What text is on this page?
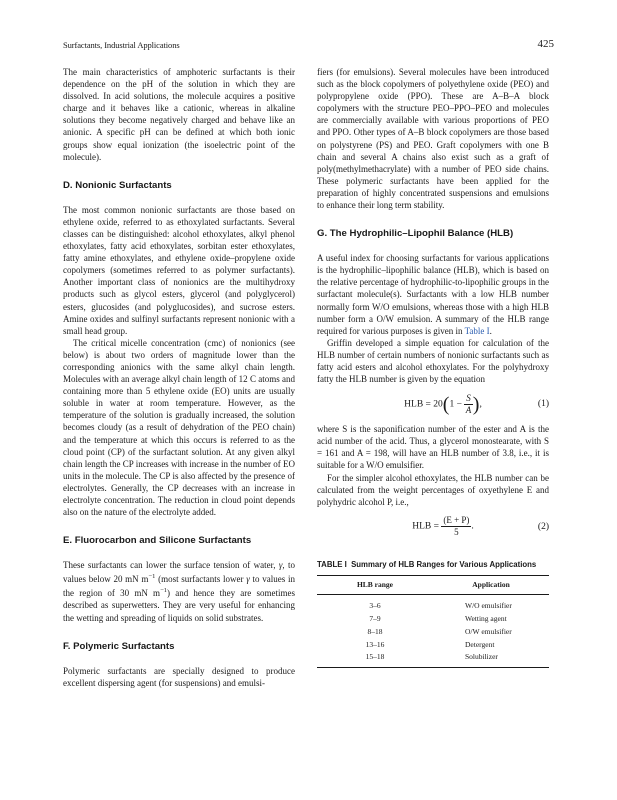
Surfactants, Industrial Applications	425

The main characteristics of amphoteric surfactants is their dependence on the pH of the solution in which they are dissolved. In acid solutions, the molecule acquires a positive charge and it behaves like a cationic, whereas in alkaline solutions they become negatively charged and behave like an anionic. A specific pH can be defined at which both ionic groups show equal ionization (the isoelectric point of the molecule).

D. Nonionic Surfactants

The most common nonionic surfactants are those based on ethylene oxide, referred to as ethoxylated surfactants. Several classes can be distinguished: alcohol ethoxylates, alkyl phenol ethoxylates, fatty acid ethoxylates, sorbitan ester ethoxylates, fatty amine ethoxylates, and ethylene oxide–propylene oxide copolymers (sometimes referred to as polymer surfactants). Another important class of nonionics are the multihydroxy products such as glycol esters, glycerol (and polyglycerol) esters, glucosides (and polyglucosides), and sucrose esters. Amine oxides and sulfinyl surfactants represent nonionic with a small head group.

The critical micelle concentration (cmc) of nonionics (see below) is about two orders of magnitude lower than the corresponding anionics with the same alkyl chain length. Molecules with an average alkyl chain length of 12 C atoms and containing more than 5 ethylene oxide (EO) units are usually soluble in water at room temperature. However, as the temperature of the solution is gradually increased, the solution becomes cloudy (as a result of dehydration of the PEO chain) and the temperature at which this occurs is referred to as the cloud point (CP) of the surfactant solution. At any given alkyl chain length the CP increases with increase in the number of EO units in the molecule. The CP is also affected by the presence of electrolytes. Generally, the CP decreases with an increase in electrolyte concentration. The reduction in cloud point depends also on the nature of the electrolyte added.

E. Fluorocarbon and Silicone Surfactants

These surfactants can lower the surface tension of water, γ, to values below 20 mN $m^{-1}$ (most surfactants lower γ to values in the region of 30 mN $m^{-1}$) and hence they are sometimes described as superwetters. They are very useful for enhancing the wetting and spreading of liquids on solid substrates.

F. Polymeric Surfactants

Polymeric surfactants are specially designed to produce excellent dispersing agent (for suspensions) and emulsi-

fiers (for emulsions). Several molecules have been introduced such as the block copolymers of polyethylene oxide (PEO) and polypropylene oxide (PPO). These are A–B–A block copolymers with the structure PEO–PPO–PEO and molecules are commercially available with various proportions of PEO and PPO. Other types of A–B block copolymers are those based on polystyrene (PS) and PEO. Graft copolymers with one B chain and several A chains also exist such as a graft of poly(methylmethacrylate) with a number of PEO side chains. These polymeric surfactants have been applied for the preparation of highly concentrated suspensions and emulsions to enhance their long term stability.

G. The Hydrophilic–Lipophil Balance (HLB)

A useful index for choosing surfactants for various applications is the hydrophilic–lipophilic balance (HLB), which is based on the relative percentage of hydrophilic-to-lipophilic groups in the surfactant molecule(s). Surfactants with a low HLB number normally form W/O emulsions, whereas those with a high HLB number form a O/W emulsion. A summary of the HLB range required for various purposes is given in Table I.

Griffin developed a simple equation for calculation of the HLB number of certain numbers of nonionic surfactants such as fatty acid esters and alcohol ethoxylates. For the polyhydroxy fatty the HLB number is given by the equation

HLB = $20(1 - \frac{S}{A}$ ),	(1)

where S is the saponification number of the ester and A is the acid number of the acid. Thus, a glycerol monostearate, with S = 161 and A = 198, will have an HLB number of 3.8, i.e., it is suitable for a W/O emulsifier.

For the simpler alcohol ethoxylates, the HLB number can be calculated from the weight percentages of oxyethylene E and polyhydric alcohol P, i.e.,

HLB = $\frac{(E + P)}{5}$ .	(2)
TABLE I Summary of HLB Ranges for Various Applications
HLB range	Application
3–6	W/O emulsifier
7–9	Wetting agent
8–18	O/W emulsifier
13–16	Detergent
15–18	Solubilizer
